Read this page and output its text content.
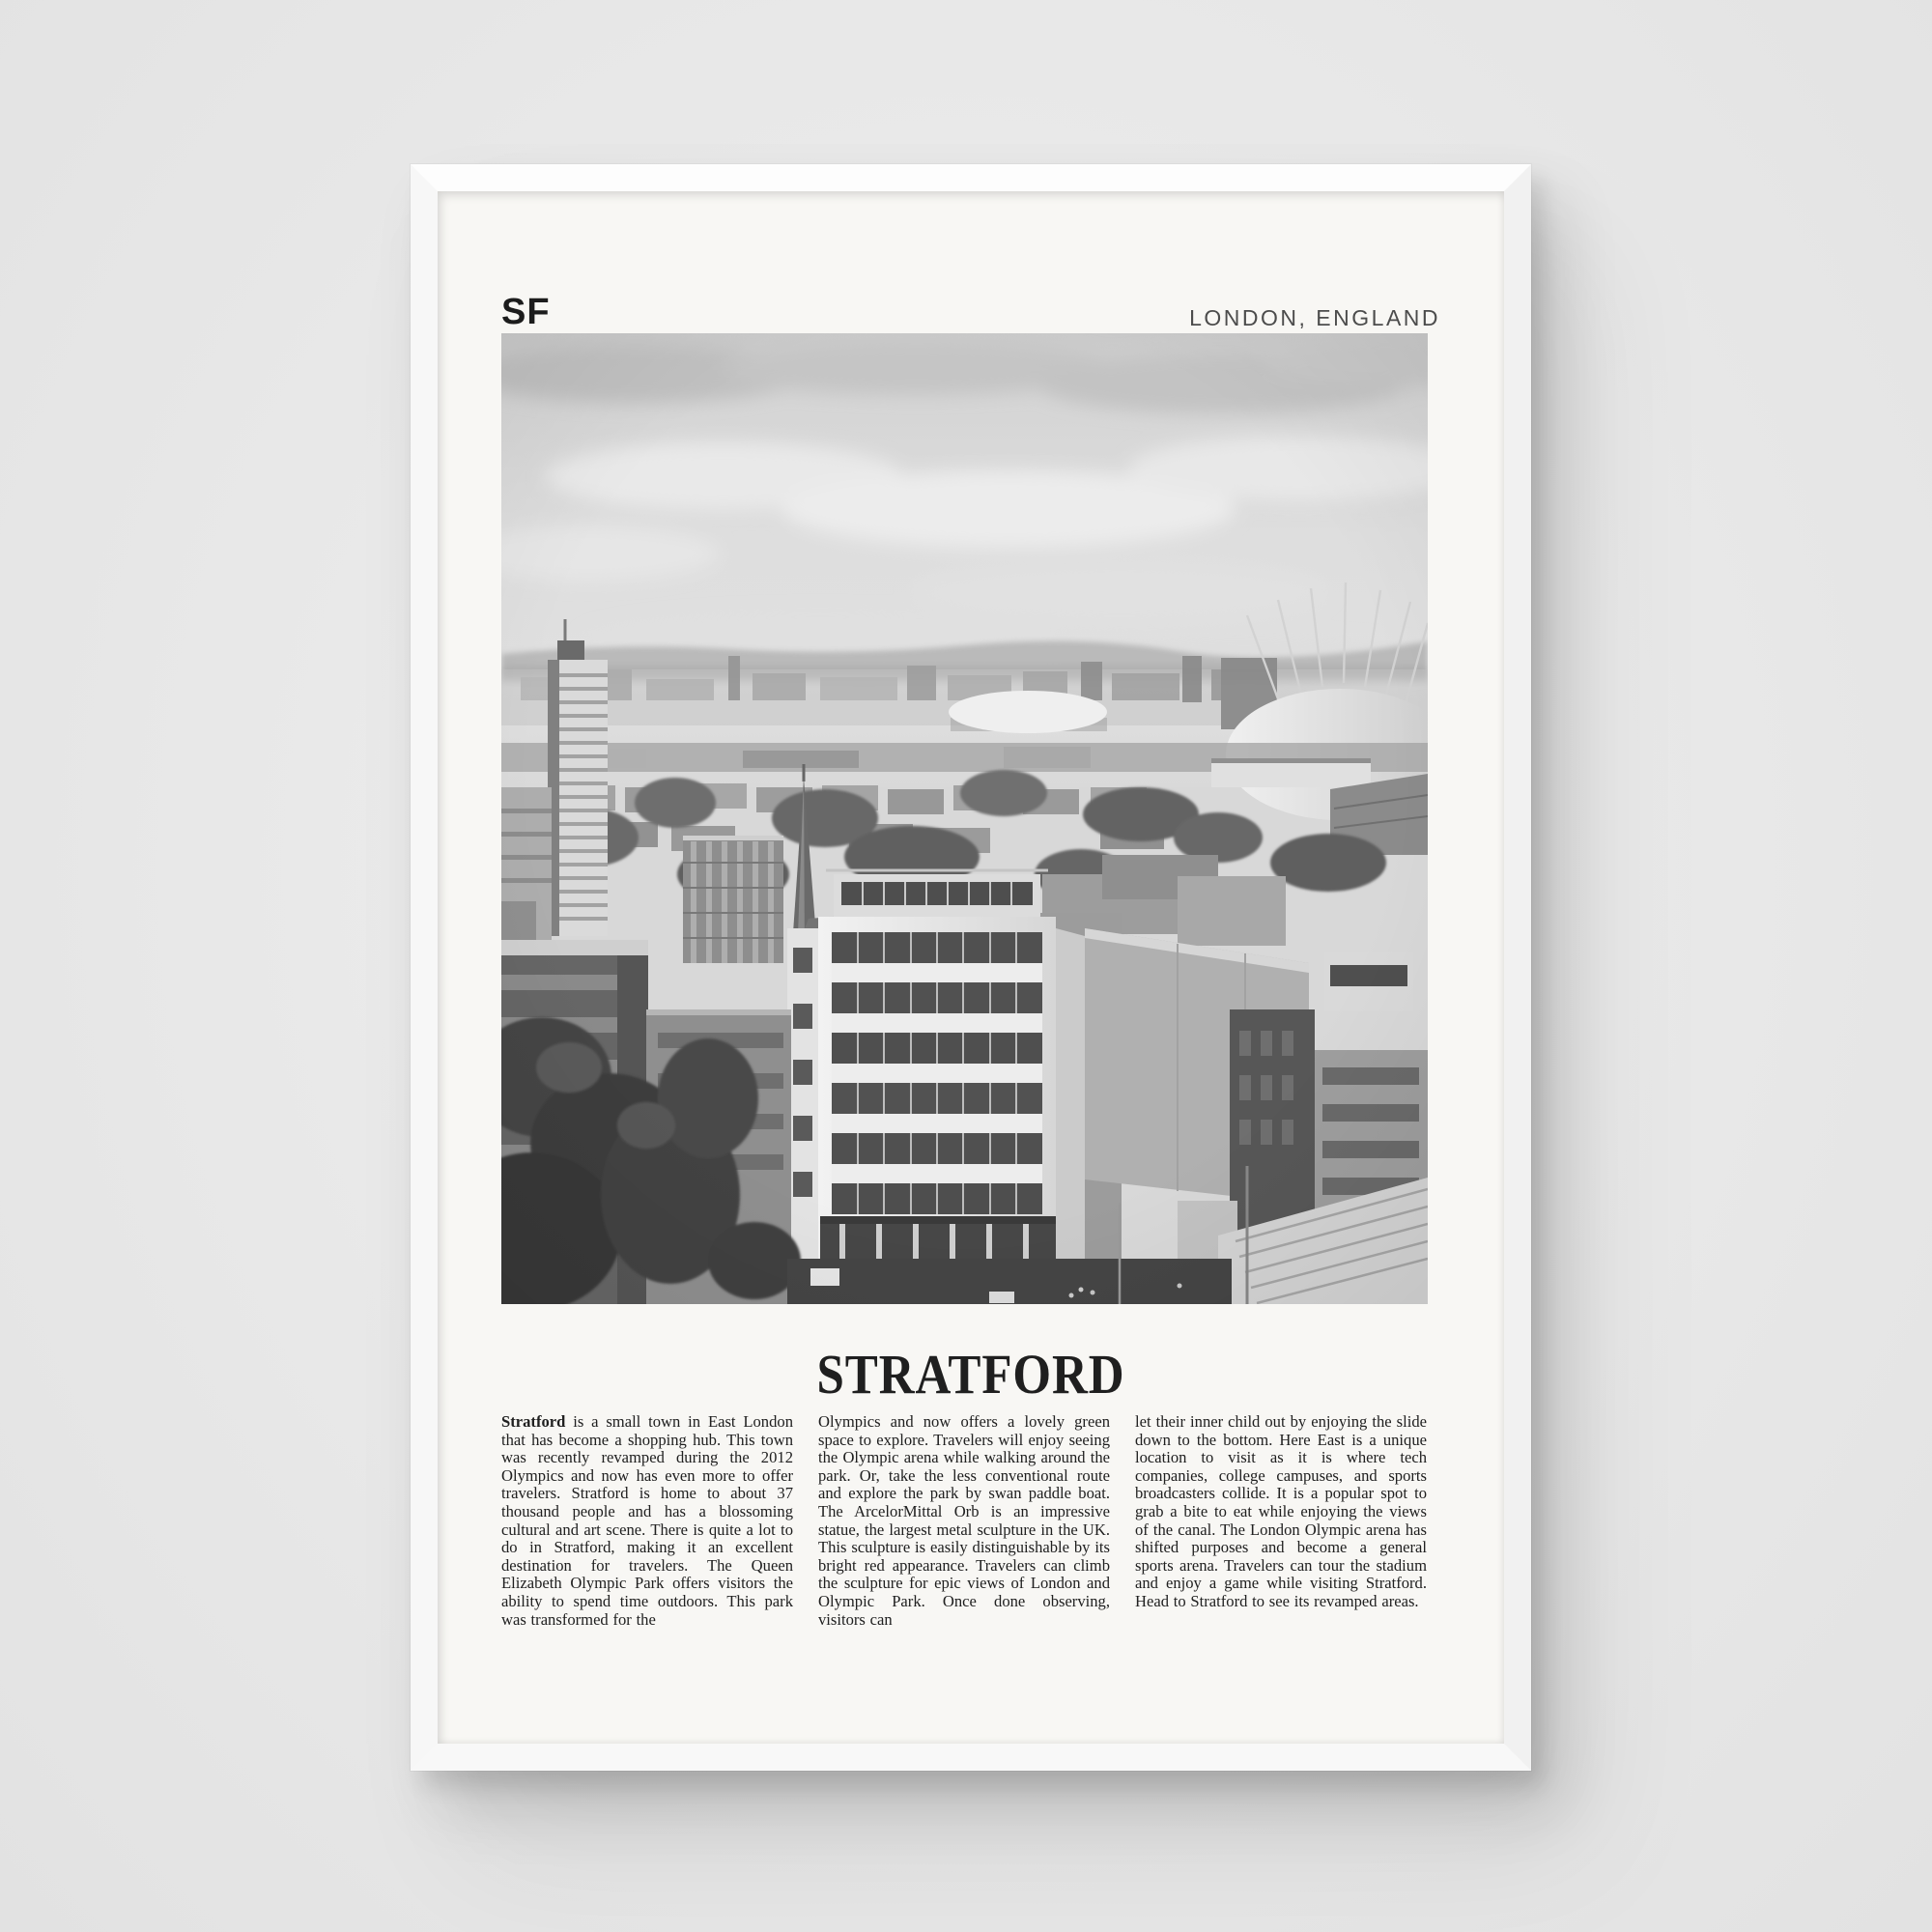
SF	LONDON, ENGLAND
STRATFORD
Stratford is a small town in East London that has become a shopping hub. This town was recently revamped during the 2012 Olympics and now has even more to offer travelers. Stratford is home to about 37 thousand people and has a blossoming cultural and art scene. There is quite a lot to do in Stratford, making it an excellent destination for travelers. The Queen Elizabeth Olympic Park offers visitors the ability to spend time outdoors. This park was transformed for the
Olympics and now offers a lovely green space to explore. Travelers will enjoy seeing the Olympic arena while walking around the park. Or, take the less conventional route and explore the park by swan paddle boat. The ArcelorMittal Orb is an impressive statue, the largest metal sculpture in the UK. This sculpture is easily distinguishable by its bright red appearance. Travelers can climb the sculpture for epic views of London and Olympic Park. Once done observing, visitors can
let their inner child out by enjoying the slide down to the bottom. Here East is a unique location to visit as it is where tech companies, college campuses, and sports broadcasters collide. It is a popular spot to grab a bite to eat while enjoying the views of the canal. The London Olympic arena has shifted purposes and become a general sports arena. Travelers can tour the stadium and enjoy a game while visiting Stratford. Head to Stratford to see its revamped areas.
